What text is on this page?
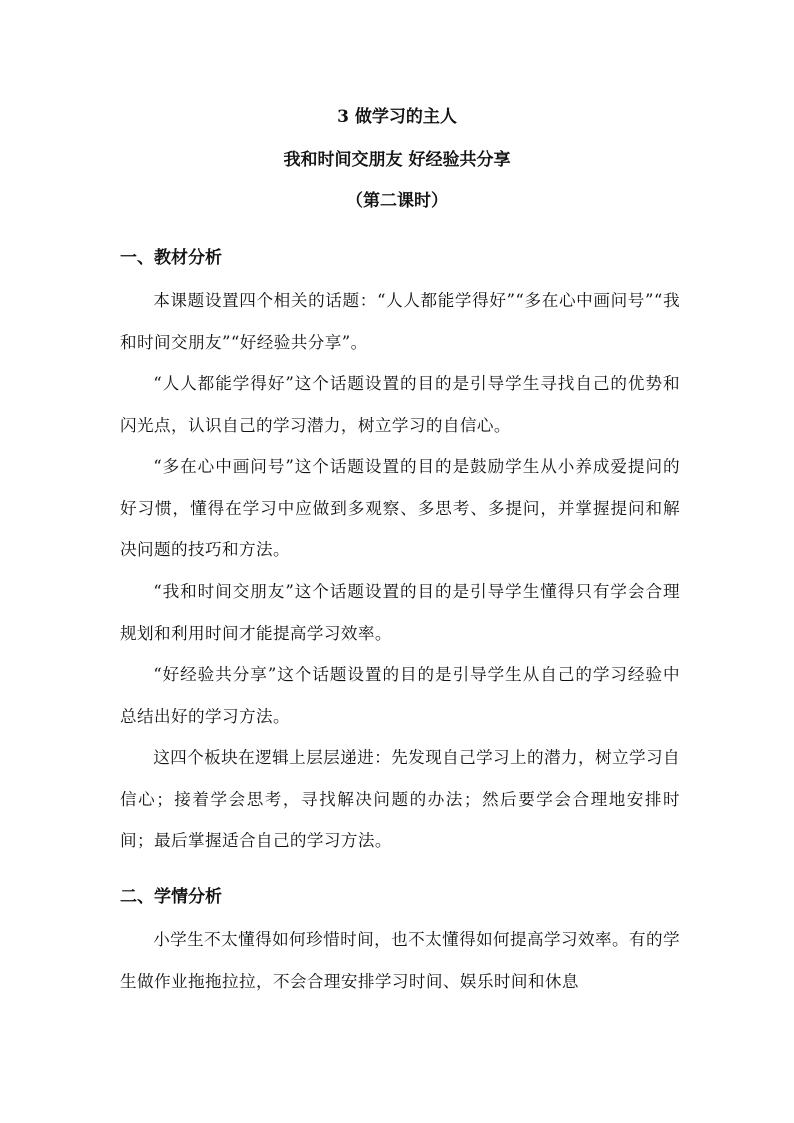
3 做学习的主人
我和时间交朋友 好经验共分享
（第二课时）
一、教材分析

本课题设置四个相关的话题：“人人都能学得好”“多在心中画问号”“我和时间交朋友”“好经验共分享”。

“人人都能学得好”这个话题设置的目的是引导学生寻找自己的优势和闪光点，认识自己的学习潜力，树立学习的自信心。

“多在心中画问号”这个话题设置的目的是鼓励学生从小养成爱提问的好习惯，懂得在学习中应做到多观察、多思考、多提问，并掌握提问和解决问题的技巧和方法。

“我和时间交朋友”这个话题设置的目的是引导学生懂得只有学会合理规划和利用时间才能提高学习效率。

“好经验共分享”这个话题设置的目的是引导学生从自己的学习经验中总结出好的学习方法。

这四个板块在逻辑上层层递进：先发现自己学习上的潜力，树立学习自信心；接着学会思考，寻找解决问题的办法；然后要学会合理地安排时间；最后掌握适合自己的学习方法。

二、学情分析

小学生不太懂得如何珍惜时间，也不太懂得如何提高学习效率。有的学生做作业拖拖拉拉，不会合理安排学习时间、娱乐时间和休息
